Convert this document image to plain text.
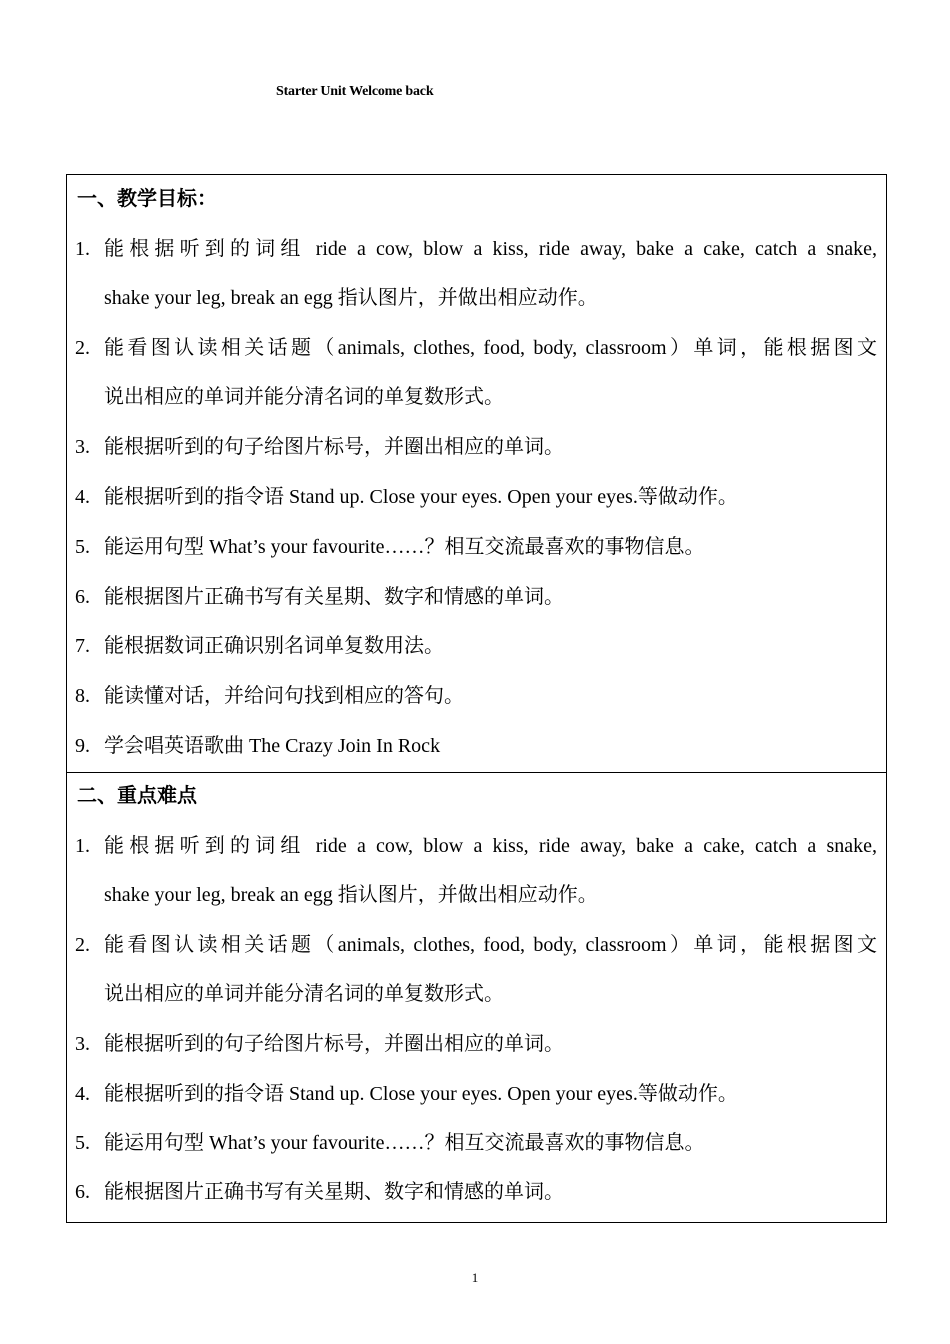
Starter Unit Welcome back
一、教学目标：
1. 能根据听到的词组 ride a cow, blow a kiss, ride away, bake a cake, catch a snake,
shake your leg, break an egg 指认图片，并做出相应动作。
2. 能看图认读相关话题（animals, clothes, food, body, classroom）单词，能根据图文
说出相应的单词并能分清名词的单复数形式。
3. 能根据听到的句子给图片标号，并圈出相应的单词。
4. 能根据听到的指令语 Stand up. Close your eyes. Open your eyes.等做动作。
5. 能运用句型 What’s your favourite……？相互交流最喜欢的事物信息。
6. 能根据图片正确书写有关星期、数字和情感的单词。
7. 能根据数词正确识别名词单复数用法。
8. 能读懂对话，并给问句找到相应的答句。
9. 学会唱英语歌曲 The Crazy Join In Rock
二、重点难点
1. 能根据听到的词组 ride a cow, blow a kiss, ride away, bake a cake, catch a snake,
shake your leg, break an egg 指认图片，并做出相应动作。
2. 能看图认读相关话题（animals, clothes, food, body, classroom）单词，能根据图文
说出相应的单词并能分清名词的单复数形式。
3. 能根据听到的句子给图片标号，并圈出相应的单词。
4. 能根据听到的指令语 Stand up. Close your eyes. Open your eyes.等做动作。
5. 能运用句型 What’s your favourite……？相互交流最喜欢的事物信息。
6. 能根据图片正确书写有关星期、数字和情感的单词。
1
